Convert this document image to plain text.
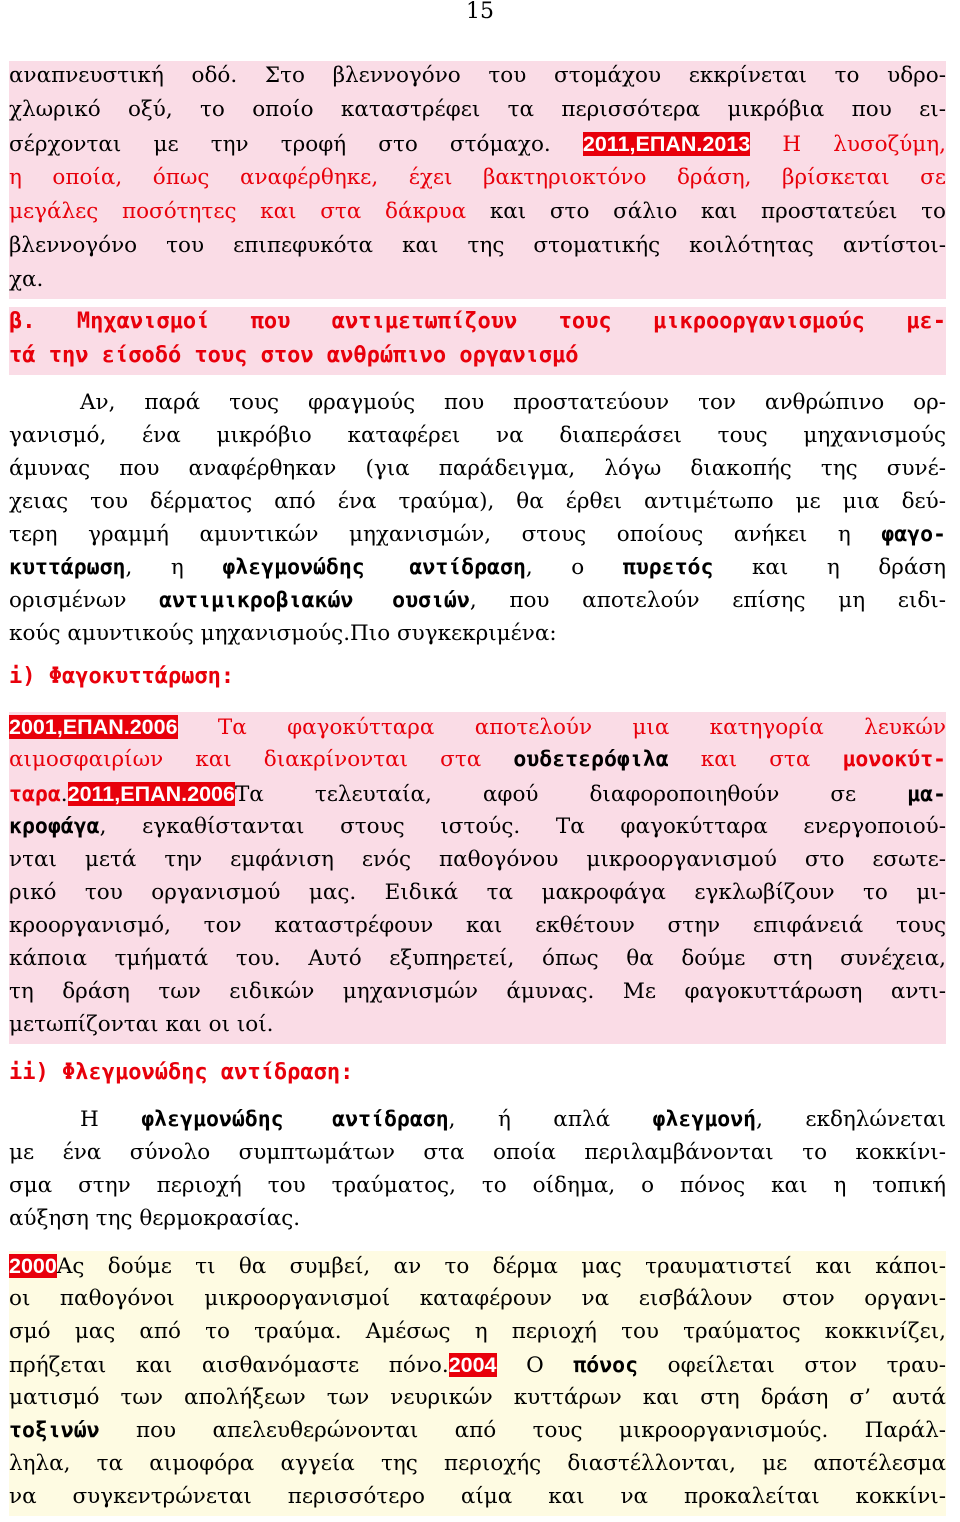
15
αναπνευστική οδό. Στο βλεννογόνο του στομάχου εκκρίνεται το υδρο-
χλωρικό οξύ, το οποίο καταστρέφει τα περισσότερα μικρόβια που ει-
σέρχονται με την τροφή στο στόμαχο. 2011,ΕΠΑΝ.2013 Η λυσοζύμη,
η οποία, όπως αναφέρθηκε, έχει βακτηριοκτόνο δράση, βρίσκεται σε
μεγάλες ποσότητες και στα δάκρυα και στο σάλιο και προστατεύει το
βλεννογόνο του επιπεφυκότα και της στοματικής κοιλότητας αντίστοι-
χα.
β. Μηχανισμοί που αντιμετωπίζουν τους μικροοργανισμούς με-
τά την είσοδό τους στον ανθρώπινο οργανισμό
Αν, παρά τους φραγμούς που προστατεύουν τον ανθρώπινο ορ-
γανισμό, ένα μικρόβιο καταφέρει να διαπεράσει τους μηχανισμούς
άμυνας που αναφέρθηκαν (για παράδειγμα, λόγω διακοπής της συνέ-
χειας του δέρματος από ένα τραύμα), θα έρθει αντιμέτωπο με μια δεύ-
τερη γραμμή αμυντικών μηχανισμών, στους οποίους ανήκει η φαγο-
κυττάρωση, η φλεγμονώδης αντίδραση, ο πυρετός και η δράση
ορισμένων αντιμικροβιακών ουσιών, που αποτελούν επίσης μη ειδι-
κούς αμυντικούς μηχανισμούς.Πιο συγκεκριμένα:
i) Φαγοκυττάρωση:
2001,ΕΠΑΝ.2006 Τα φαγοκύτταρα αποτελούν μια κατηγορία λευκών
αιμοσφαιρίων και διακρίνονται στα ουδετερόφιλα και στα μονοκύτ-
ταρα.2011,ΕΠΑΝ.2006Τα τελευταία, αφού διαφοροποιηθούν σε μα-
κροφάγα, εγκαθίστανται στους ιστούς. Τα φαγοκύτταρα ενεργοποιού-
νται μετά την εμφάνιση ενός παθογόνου μικροοργανισμού στο εσωτε-
ρικό του οργανισμού μας. Ειδικά τα μακροφάγα εγκλωβίζουν το μι-
κροοργανισμό, τον καταστρέφουν και εκθέτουν στην επιφάνειά τους
κάποια τμήματά του. Αυτό εξυπηρετεί, όπως θα δούμε στη συνέχεια,
τη δράση των ειδικών μηχανισμών άμυνας. Με φαγοκυττάρωση αντι-
μετωπίζονται και οι ιοί.
ii) Φλεγμονώδης αντίδραση:
Η φλεγμονώδης αντίδραση, ή απλά φλεγμονή, εκδηλώνεται
με ένα σύνολο συμπτωμάτων στα οποία περιλαμβάνονται το κοκκίνι-
σμα στην περιοχή του τραύματος, το οίδημα, ο πόνος και η τοπική
αύξηση της θερμοκρασίας.
2000Ας δούμε τι θα συμβεί, αν το δέρμα μας τραυματιστεί και κάποι-
οι παθογόνοι μικροοργανισμοί καταφέρουν να εισβάλουν στον οργανι-
σμό μας από το τραύμα. Αμέσως η περιοχή του τραύματος κοκκινίζει,
πρήζεται και αισθανόμαστε πόνο.2004 Ο πόνος οφείλεται στον τραυ-
ματισμό των απολήξεων των νευρικών κυττάρων και στη δράση σ’ αυτά
τοξινών που απελευθερώνονται από τους μικροοργανισμούς. Παράλ-
ληλα, τα αιμοφόρα αγγεία της περιοχής διαστέλλονται, με αποτέλεσμα
να συγκεντρώνεται περισσότερο αίμα και να προκαλείται κοκκίνι-
